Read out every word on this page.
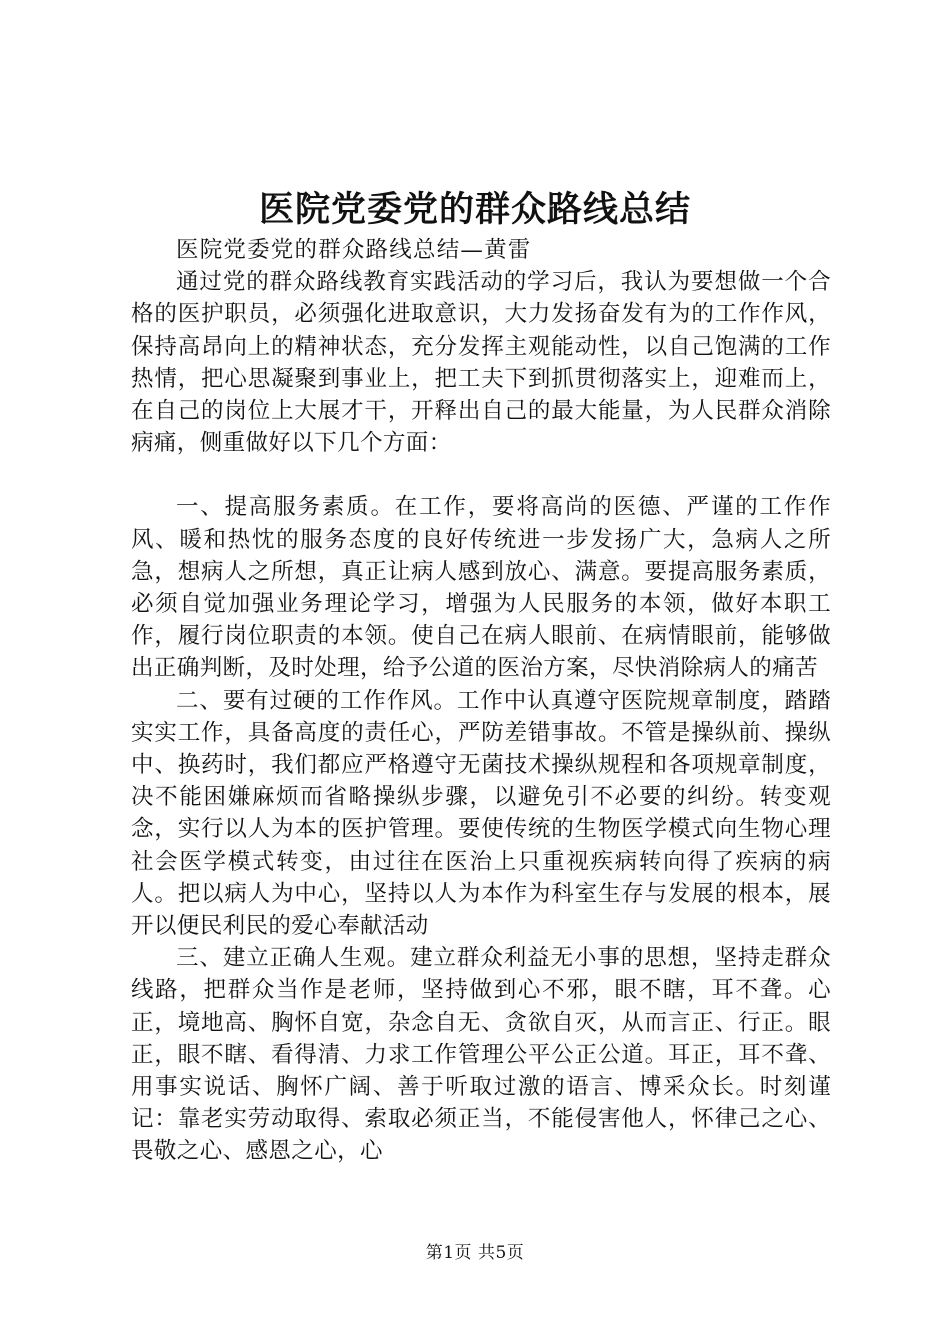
医院党委党的群众路线总结

医院党委党的群众路线总结—黄雷

通过党的群众路线教育实践活动的学习后，我认为要想做一个合格的医护职员，必须强化进取意识，大力发扬奋发有为的工作作风，保持高昂向上的精神状态，充分发挥主观能动性，以自己饱满的工作热情，把心思凝聚到事业上，把工夫下到抓贯彻落实上，迎难而上，在自己的岗位上大展才干，开释出自己的最大能量，为人民群众消除病痛，侧重做好以下几个方面：

一、提高服务素质。在工作，要将高尚的医德、严谨的工作作风、暖和热忱的服务态度的良好传统进一步发扬广大，急病人之所急，想病人之所想，真正让病人感到放心、满意。要提高服务素质，必须自觉加强业务理论学习，增强为人民服务的本领，做好本职工作，履行岗位职责的本领。使自己在病人眼前、在病情眼前，能够做出正确判断，及时处理，给予公道的医治方案，尽快消除病人的痛苦

二、要有过硬的工作作风。工作中认真遵守医院规章制度，踏踏实实工作，具备高度的责任心，严防差错事故。不管是操纵前、操纵中、换药时，我们都应严格遵守无菌技术操纵规程和各项规章制度，决不能困嫌麻烦而省略操纵步骤，以避免引不必要的纠纷。转变观念，实行以人为本的医护管理。要使传统的生物医学模式向生物心理社会医学模式转变，由过往在医治上只重视疾病转向得了疾病的病人。把以病人为中心，坚持以人为本作为科室生存与发展的根本，展开以便民利民的爱心奉献活动

三、建立正确人生观。建立群众利益无小事的思想，坚持走群众线路，把群众当作是老师，坚持做到心不邪，眼不瞎，耳不聋。心正，境地高、胸怀自宽，杂念自无、贪欲自灭，从而言正、行正。眼正，眼不瞎、看得清、力求工作管理公平公正公道。耳正，耳不聋、用事实说话、胸怀广阔、善于听取过激的语言、博采众长。时刻谨记：靠老实劳动取得、索取必须正当，不能侵害他人，怀律己之心、畏敬之心、感恩之心，心

第1页 共5页
